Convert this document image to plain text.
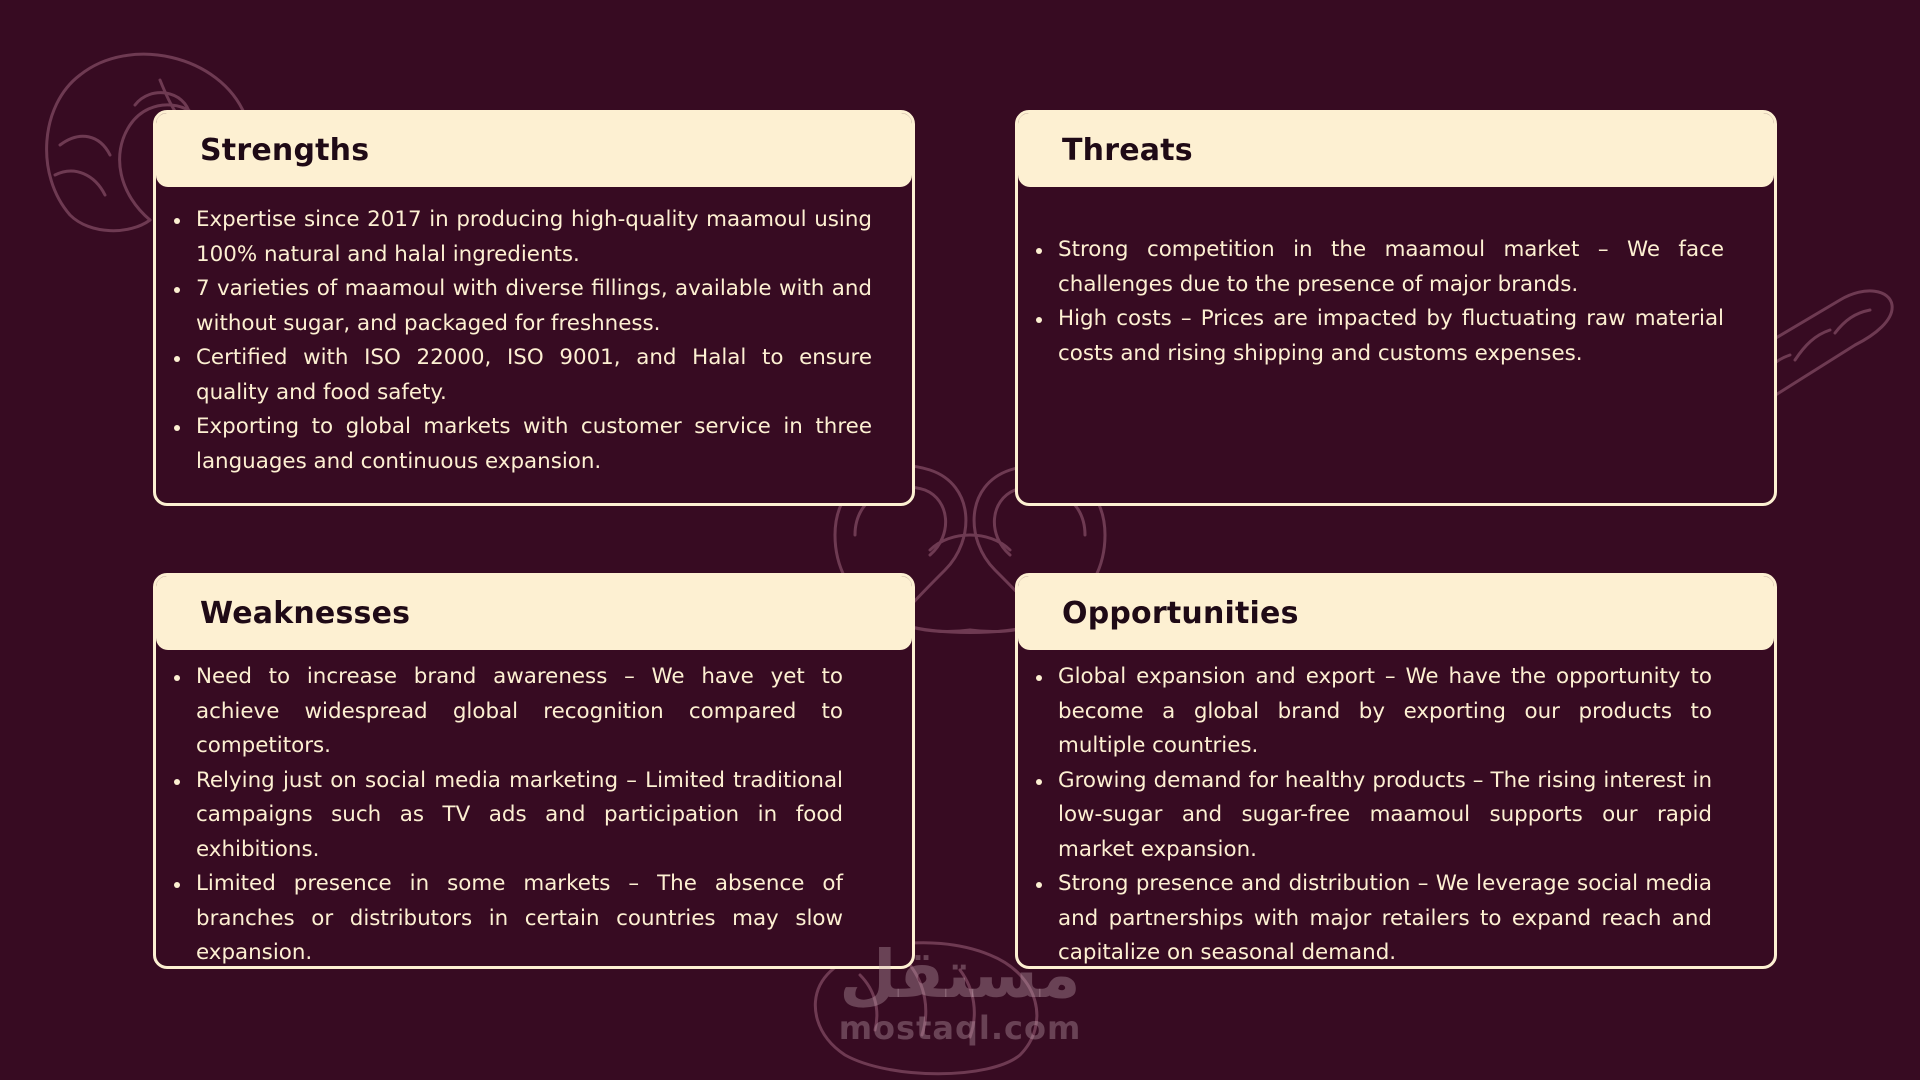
Strengths
Expertise since 2017 in producing high-quality maamoul using 100% natural and halal ingredients.
7 varieties of maamoul with diverse fillings, available with and without sugar, and packaged for freshness.
Certified with ISO 22000, ISO 9001, and Halal to ensure quality and food safety.
Exporting to global markets with customer service in three languages and continuous expansion.
Threats
Strong competition in the maamoul market – We face challenges due to the presence of major brands.
High costs – Prices are impacted by fluctuating raw material costs and rising shipping and customs expenses.
Weaknesses
Need to increase brand awareness – We have yet to achieve widespread global recognition compared to competitors.
Relying just on social media marketing – Limited traditional campaigns such as TV ads and participation in food exhibitions.
Limited presence in some markets – The absence of branches or distributors in certain countries may slow expansion.
Opportunities
Global expansion and export – We have the opportunity to become a global brand by exporting our products to multiple countries.
Growing demand for healthy products – The rising interest in low-sugar and sugar-free maamoul supports our rapid market expansion.
Strong presence and distribution – We leverage social media and partnerships with major retailers to expand reach and capitalize on seasonal demand.
مستقل
mostaql.com
